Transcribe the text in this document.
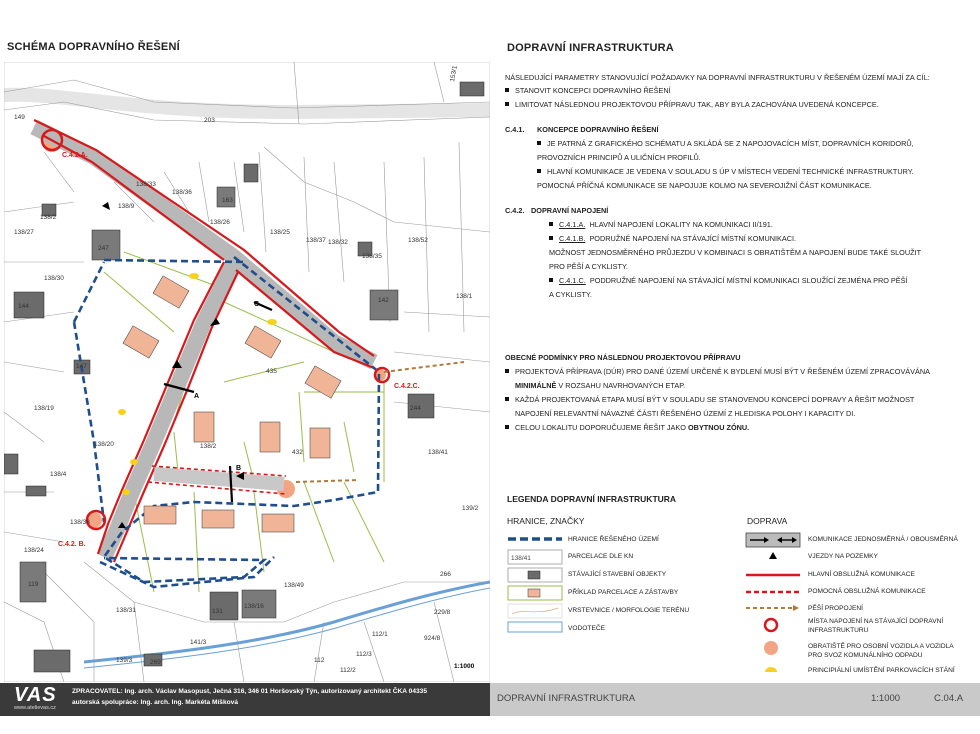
SCHÉMA DOPRAVNÍHO ŘEŠENÍ
149	203
153/1
138/33
138/36
163
138/26
138/25
138/37 138/32	138/52
138/35
138/27
138/2
138/9
247
138/30
138/1
142
144
147
435
138/19
138/2
432
244
138/20
138/41
138/4
138/38
138/24
138/49
139/2
119
138/31	131
138/16
141/3
112/1
112/3
112/2
112
924/8
139/3	269
266
229/8
C.4.2.A.
C.4.2. B.
C.4.2.C.
A
B
C
1:1000
DOPRAVNÍ INFRASTRUKTURA
NÁSLEDUJÍCÍ PARAMETRY STANOVUJÍCÍ POŽADAVKY NA DOPRAVNÍ INFRASTRUKTURU V ŘEŠENÉM ÚZEMÍ MAJÍ ZA CÍL:
STANOVIT KONCEPCI DOPRAVNÍHO ŘEŠENÍ
LIMITOVAT NÁSLEDNOU PROJEKTOVOU PŘÍPRAVU TAK, ABY BYLA ZACHOVÁNA UVEDENÁ KONCEPCE.
C.4.1. KONCEPCE DOPRAVNÍHO ŘEŠENÍ
JE PATRNÁ Z GRAFICKÉHO SCHÉMATU A SKLÁDÁ SE Z NAPOJOVACÍCH MÍST, DOPRAVNÍCH KORIDORŮ,
PROVOZNÍCH PRINCIPŮ A ULIČNÍCH PROFILŮ.
HLAVNÍ KOMUNIKACE JE VEDENA V SOULADU S ÚP V MÍSTECH VEDENÍ TECHNICKÉ INFRASTRUKTURY.
POMOCNÁ PŘÍČNÁ KOMUNIKACE SE NAPOJUJE KOLMO NA SEVEROJIŽNÍ ČÁST KOMUNIKACE.
C.4.2. DOPRAVNÍ NAPOJENÍ
C.4.1.A. HLAVNÍ NAPOJENÍ LOKALITY NA KOMUNIKACI II/191.
C.4.1.B. PODRUŽNÉ NAPOJENÍ NA STÁVAJÍCÍ MÍSTNÍ KOMUNIKACI.
MOŽNOST JEDNOSMĚRNÉHO PRŮJEZDU V KOMBINACI S OBRATIŠTĚM A NAPOJENÍ BUDE TAKÉ SLOUŽIT
PRO PĚŠÍ A CYKLISTY.
C.4.1.C. PODDRUŽNÉ NAPOJENÍ NA STÁVAJÍCÍ MÍSTNÍ KOMUNIKACI SLOUŽÍCÍ ZEJMÉNA PRO PĚŠÍ
A CYKLISTY.
OBECNÉ PODMÍNKY PRO NÁSLEDNOU PROJEKTOVOU PŘÍPRAVU
PROJEKTOVÁ PŘÍPRAVA (DÚR) PRO DANÉ ÚZEMÍ URČENÉ K BYDLENÍ MUSÍ BÝT V ŘEŠENÉM ÚZEMÍ ZPRACOVÁVÁNA
MINIMÁLNĚ V ROZSAHU NAVRHOVANÝCH ETAP.
KAŽDÁ PROJEKTOVANÁ ETAPA MUSÍ BÝT V SOULADU SE STANOVENOU KONCEPCÍ DOPRAVY A ŘEŠIT MOŽNOST
NAPOJENÍ RELEVANTNÍ NÁVAZNÉ ČÁSTI ŘEŠENÉHO ÚZEMÍ Z HLEDISKA POLOHY I KAPACITY DI.
CELOU LOKALITU DOPORUČUJEME ŘEŠIT JAKO OBYTNOU ZÓNU.
LEGENDA DOPRAVNÍ INFRASTRUKTURA
HRANICE, ZNAČKY	DOPRAVA
138/41
HRANICE ŘEŠENÉHO ÚZEMÍ
PARCELACE DLE KN
STÁVAJÍCÍ STAVEBNÍ OBJEKTY
PŘÍKLAD PARCELACE A ZÁSTAVBY
VRSTEVNICE / MORFOLOGIE TERÉNU
VODOTEČE
KOMUNIKACE JEDNOSMĚRNÁ / OBOUSMĚRNÁ
VJEZDY NA POZEMKY
HLAVNÍ OBSLUŽNÁ KOMUNIKACE
POMOCNÁ OBSLUŽNÁ KOMUNIKACE
PĚŠÍ PROPOJENÍ
MÍSTA NAPOJENÍ NA STÁVAJÍCÍ DOPRAVNÍ
INFRASTRUKTURU
OBRATIŠTĚ PRO OSOBNÍ VOZIDLA A VOZIDLA
PRO SVOZ KOMUNÁLNÍHO ODPADU
PRINCIPIÁLNÍ UMÍSTĚNÍ PARKOVACÍCH STÁNÍ
VAS
www.atelievas.cz
ZPRACOVATEL: Ing. arch. Václav Masopust, Ječná 316, 346 01 Horšovský Týn, autorizovaný architekt ČKA 04335
autorská spolupráce: Ing. arch. Ing. Markéta Míšková	DOPRAVNÍ INFRASTRUKTURA	1:1000	C.04.A
